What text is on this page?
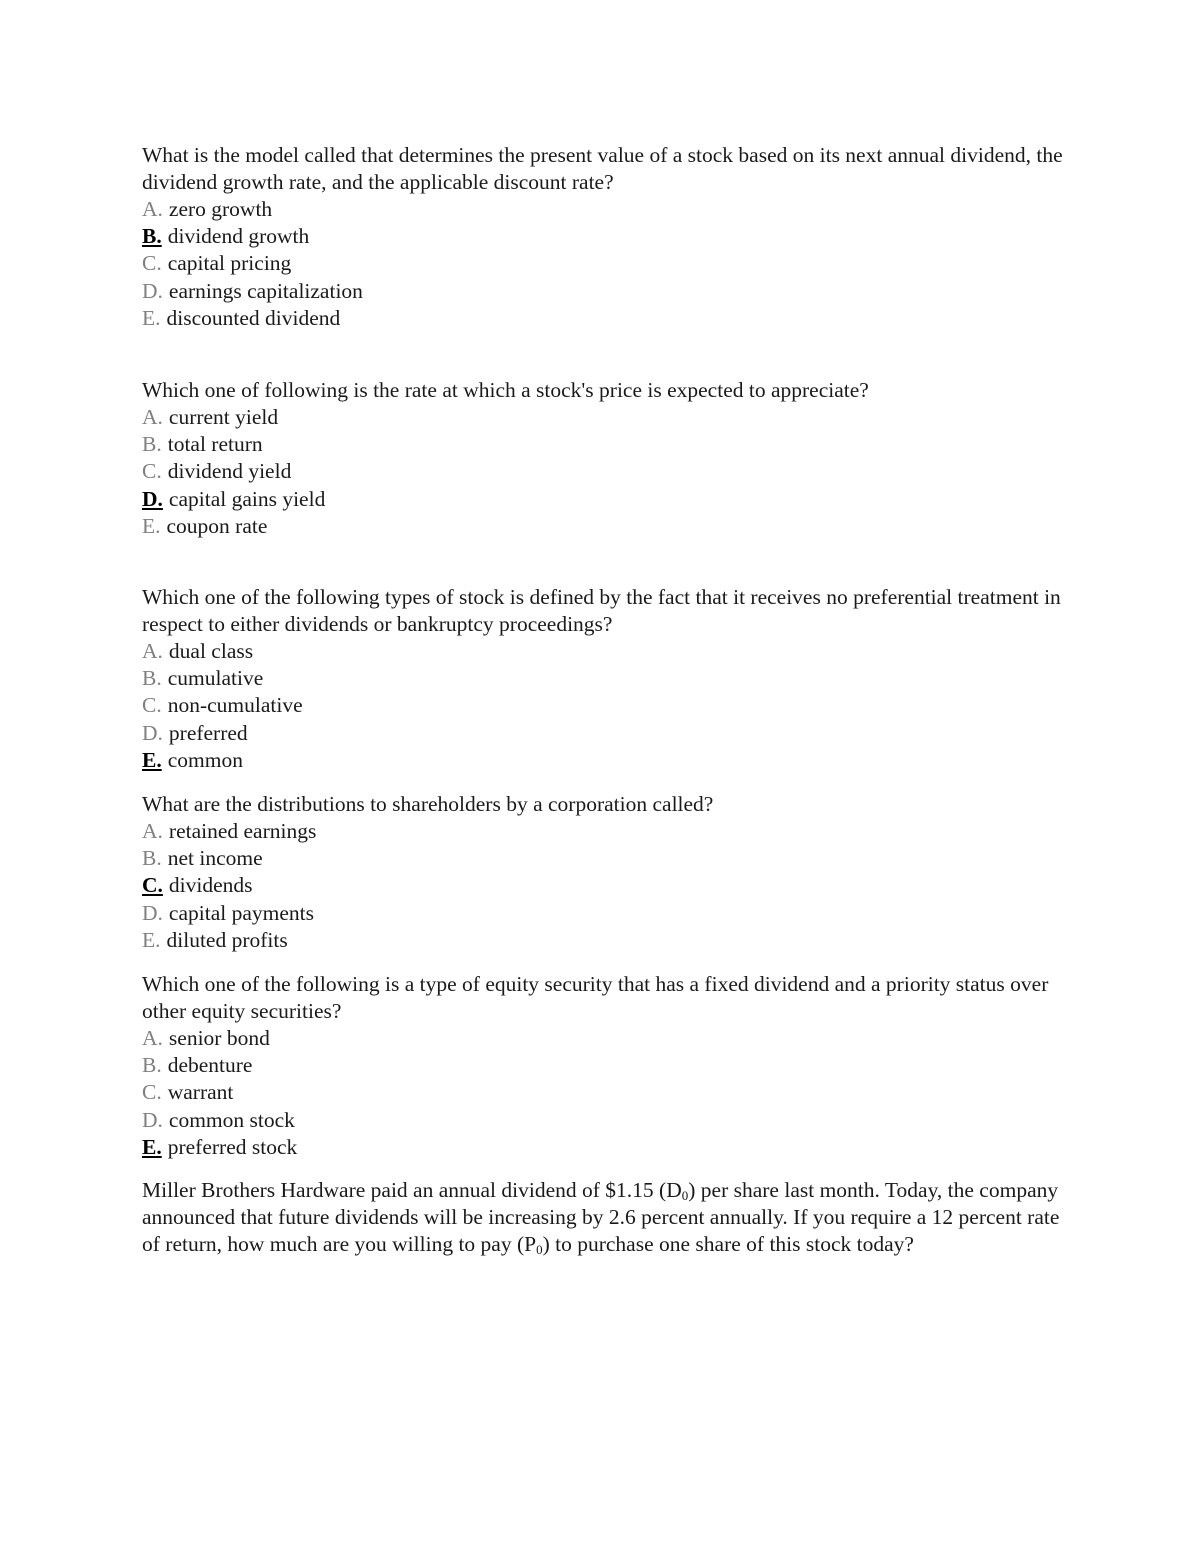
What is the model called that determines the present value of a stock based on its next annual dividend, the dividend growth rate, and the applicable discount rate?

A. zero growth
B. dividend growth
C. capital pricing
D. earnings capitalization
E. discounted dividend

Which one of following is the rate at which a stock's price is expected to appreciate?

A. current yield
B. total return
C. dividend yield
D. capital gains yield
E. coupon rate

Which one of the following types of stock is defined by the fact that it receives no preferential treatment in respect to either dividends or bankruptcy proceedings?

A. dual class
B. cumulative
C. non-cumulative
D. preferred
E. common

What are the distributions to shareholders by a corporation called?

A. retained earnings
B. net income
C. dividends
D. capital payments
E. diluted profits

Which one of the following is a type of equity security that has a fixed dividend and a priority status over other equity securities?

A. senior bond
B. debenture
C. warrant
D. common stock
E. preferred stock

Miller Brothers Hardware paid an annual dividend of $1.15 $(D_0)$ per share last month. Today, the company announced that future dividends will be increasing by 2.6 percent annually. If you require a 12 percent rate of return, how much are you willing to pay $(P_0)$ to purchase one share of this stock today?
